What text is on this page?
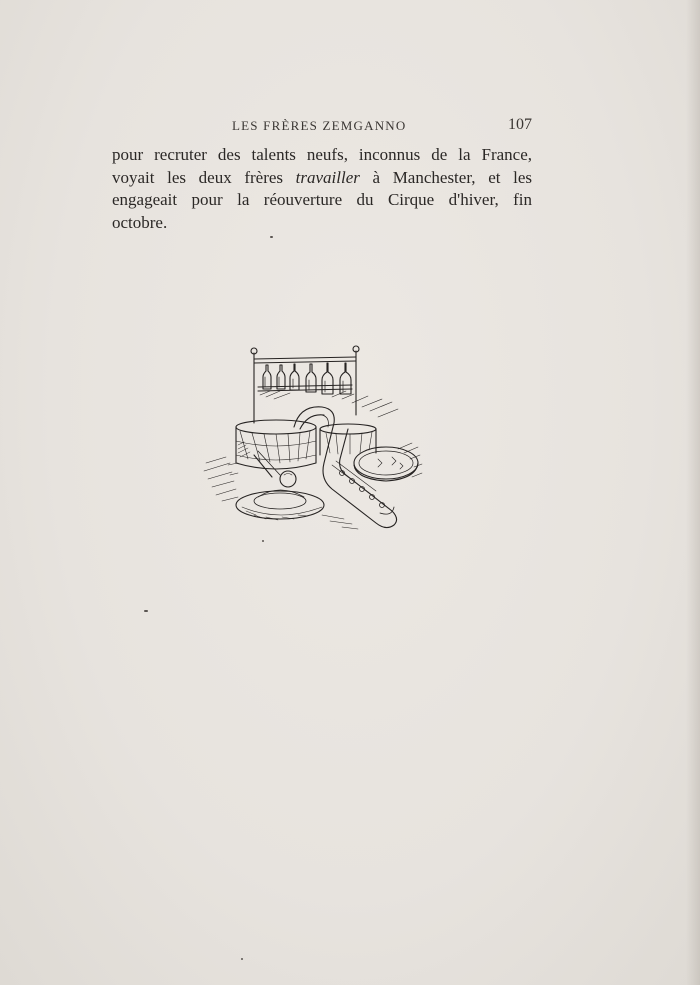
LES FRÈRES ZEMGANNO	107
pour recruter des talents neufs, inconnus de la France,
voyait les deux frères travailler à Manchester, et les
engageait pour la réouverture du Cirque d'hiver, fin
octobre.
